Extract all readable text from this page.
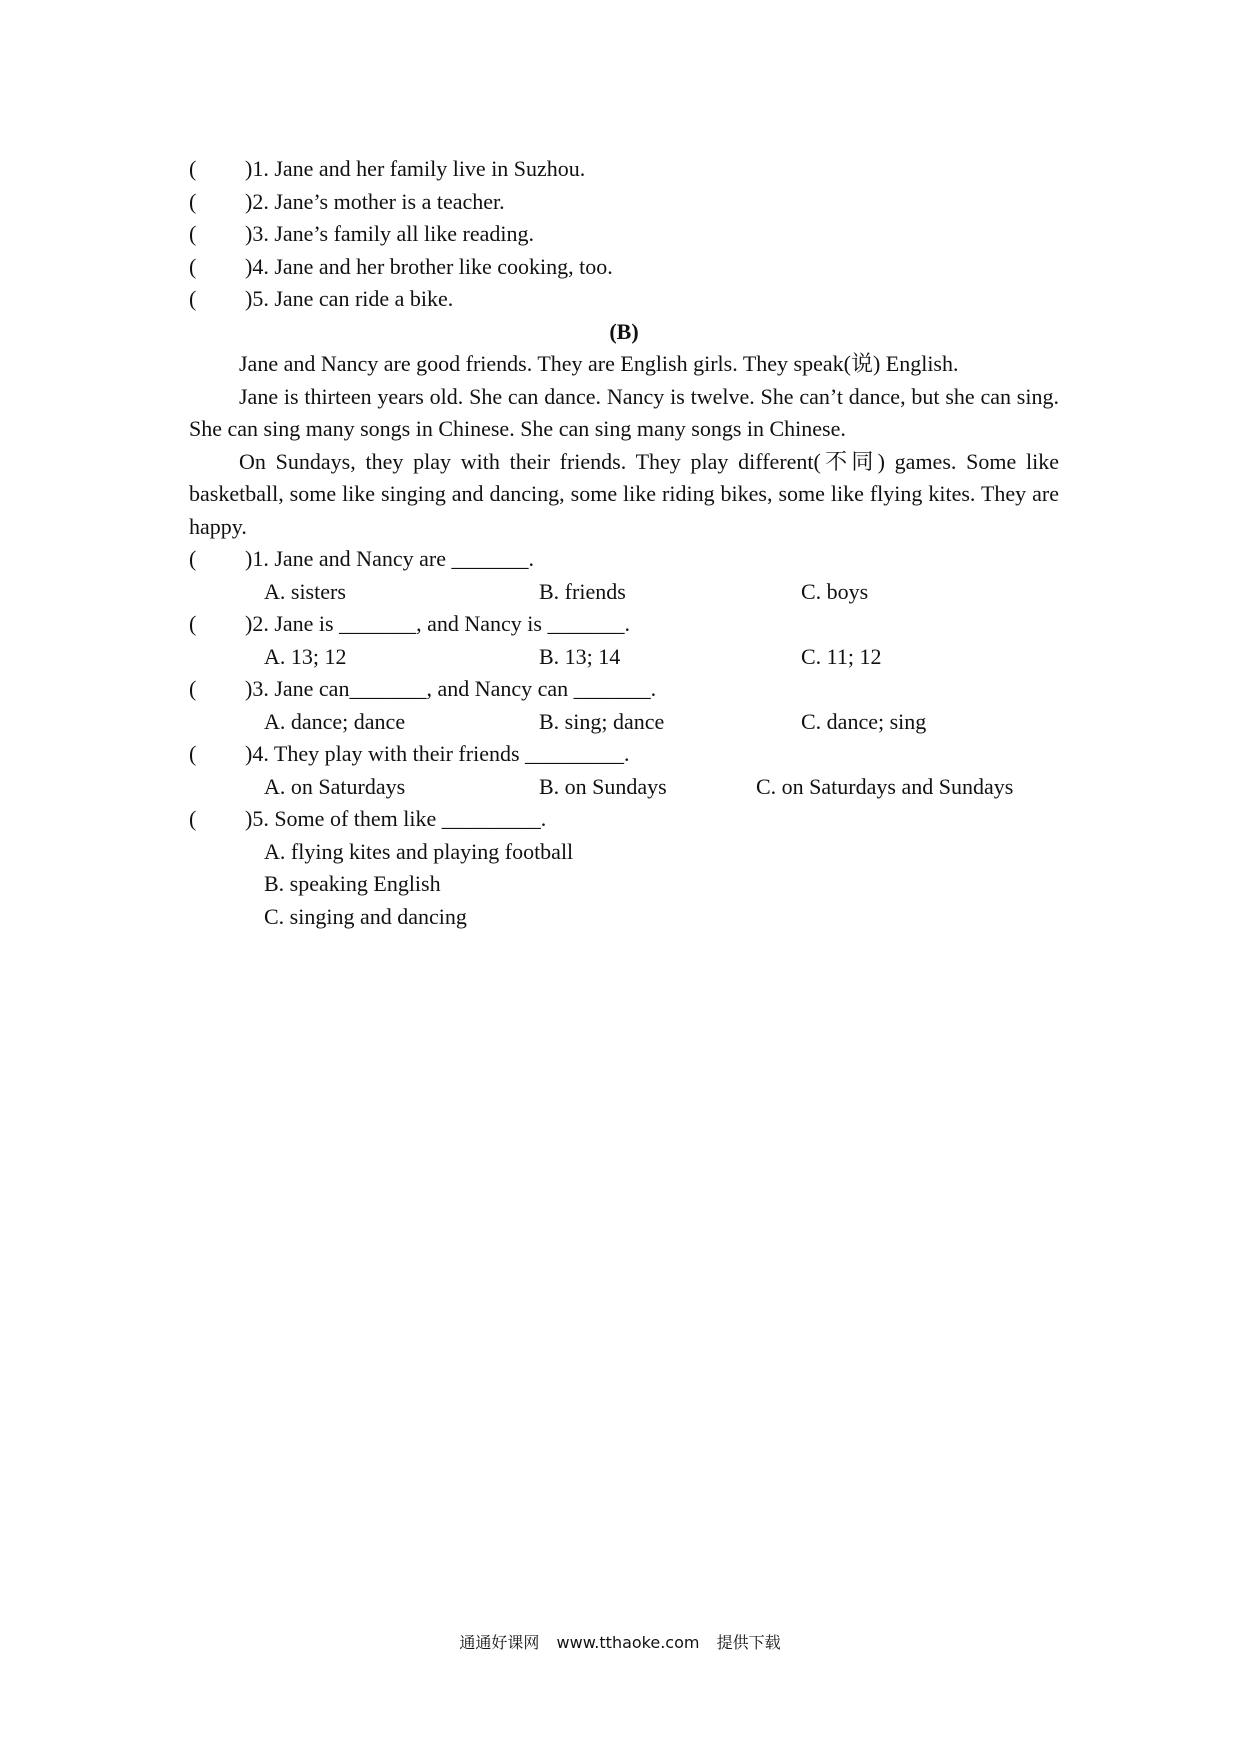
(	)1. Jane and her family live in Suzhou.
(	)2. Jane’s mother is a teacher.
(	)3. Jane’s family all like reading.
(	)4. Jane and her brother like cooking, too.
(	)5. Jane can ride a bike.
(B)

Jane and Nancy are good friends. They are English girls. They speak(说) English.

Jane is thirteen years old. She can dance. Nancy is twelve. She can’t dance, but she can sing. She can sing many songs in Chinese. She can sing many songs in Chinese.

On Sundays, they play with their friends. They play different(不同) games. Some like basketball, some like singing and dancing, some like riding bikes, some like flying kites. They are happy.

(	)1. Jane and Nancy are _______.
A. sisters	B. friends	C. boys
(	)2. Jane is _______, and Nancy is _______.
A. 13; 12	B. 13; 14	C. 11; 12
(	)3. Jane can_______, and Nancy can _______.
A. dance; dance	B. sing; dance	C. dance; sing
(	)4. They play with their friends _________.
A. on Saturdays	B. on Sundays	C. on Saturdays and Sundays
(	)5. Some of them like _________.
A. flying kites and playing football
B. speaking English
C. singing and dancing
通通好课网 www.tthaoke.com 提供下载
